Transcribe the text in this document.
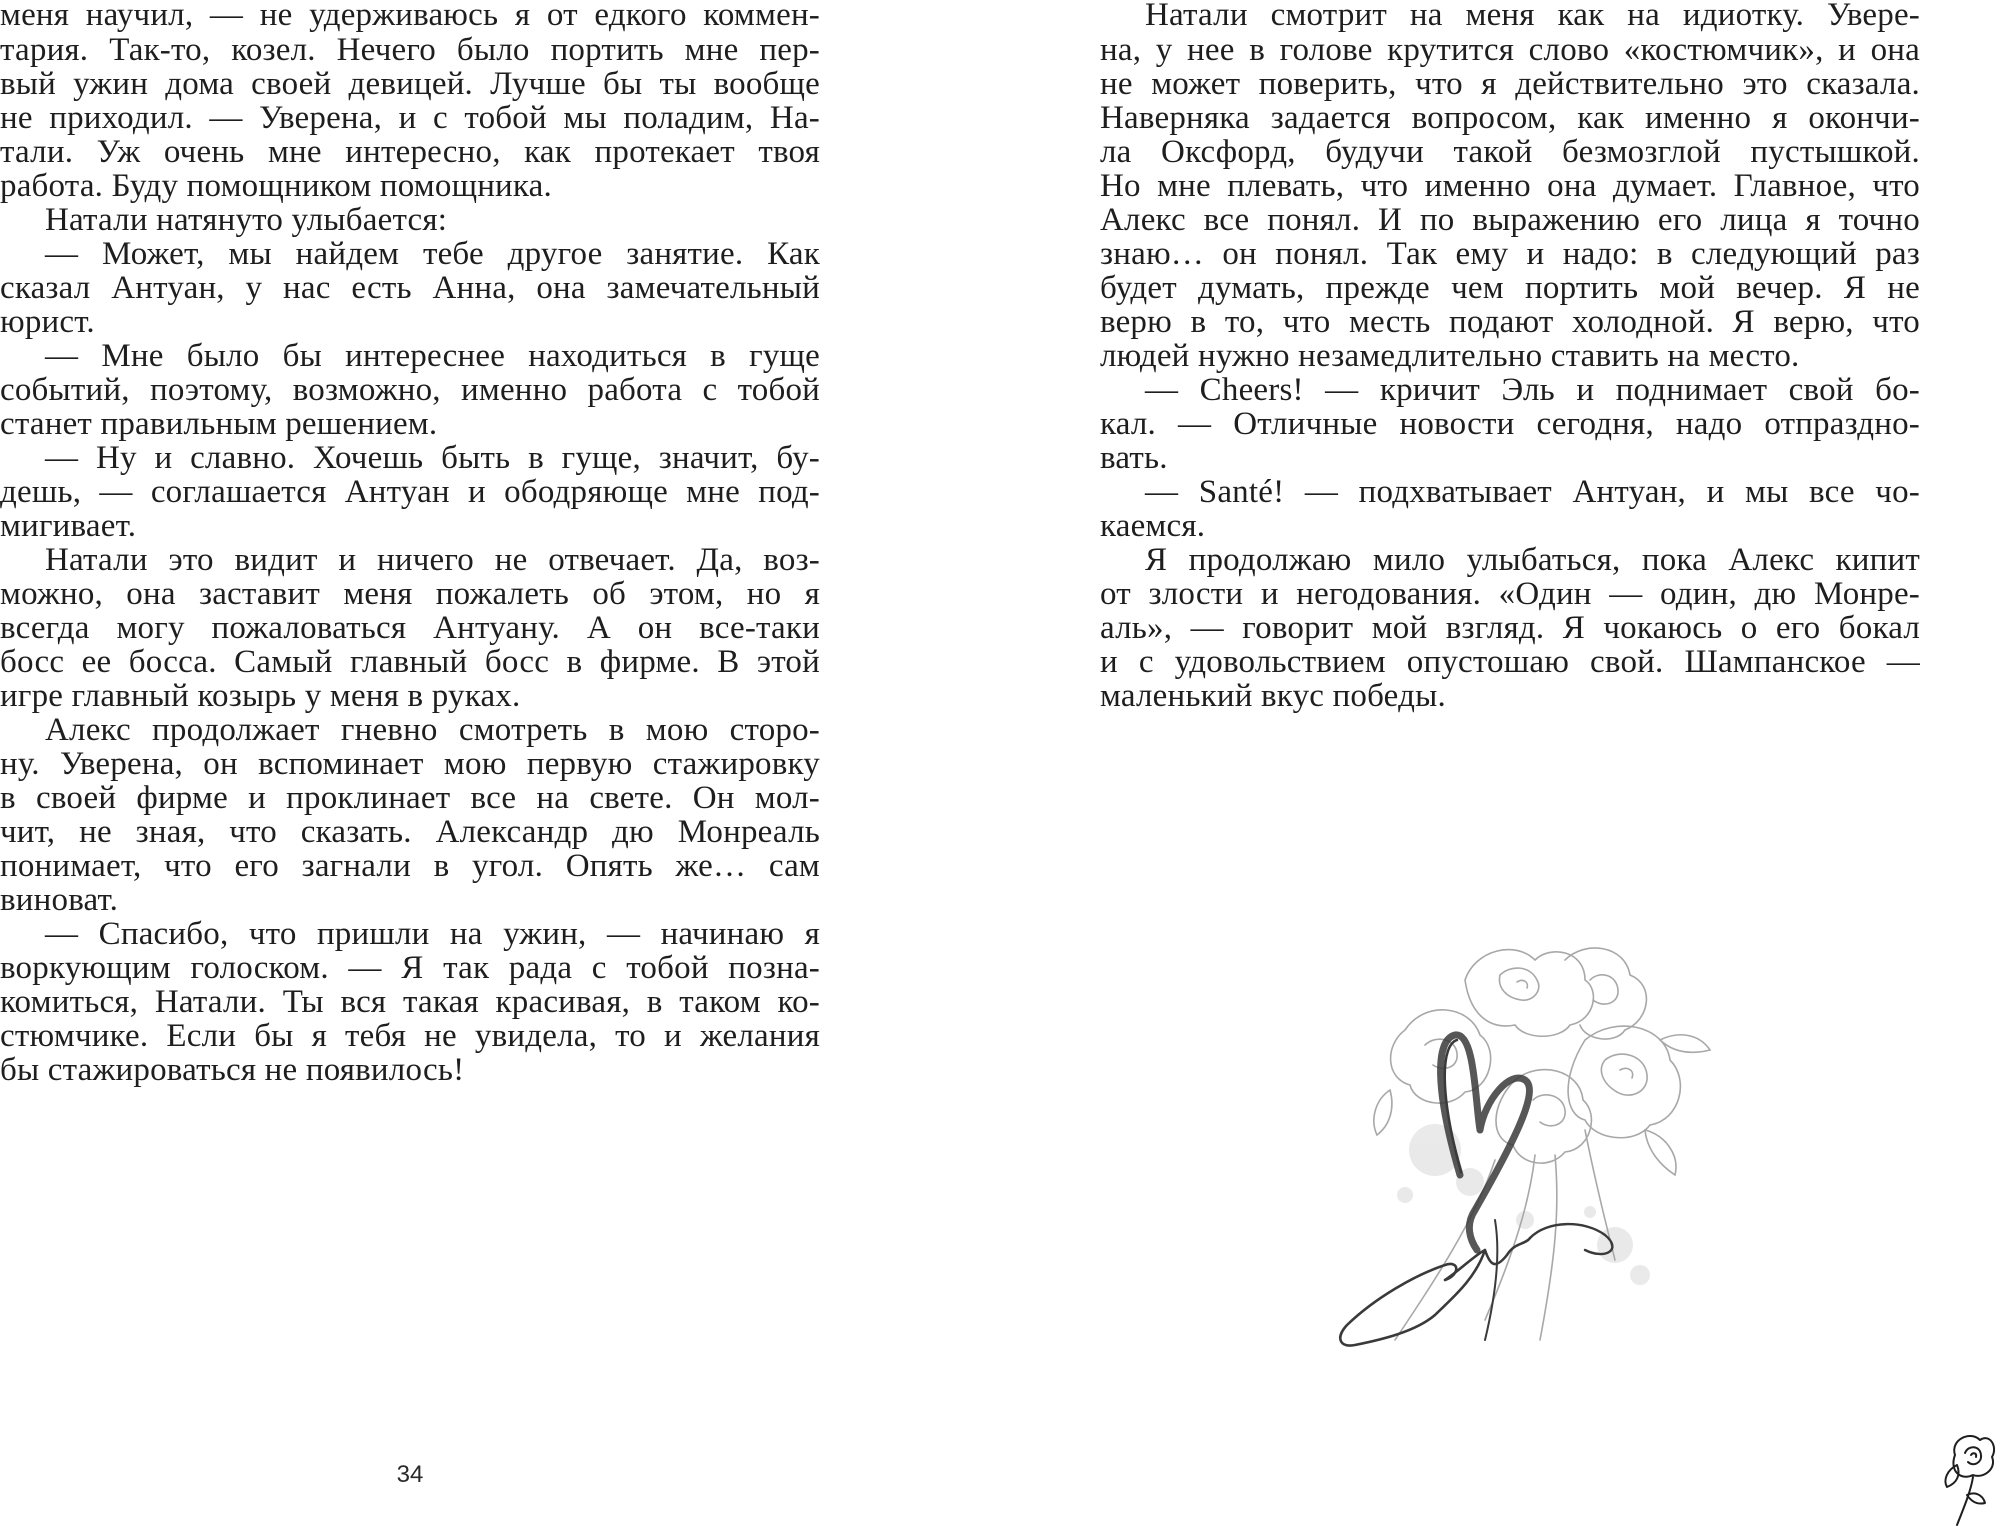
меня научил, — не удерживаюсь я от едкого коммен-
тария. Так-то, козел. Нечего было портить мне пер-
вый ужин дома своей девицей. Лучше бы ты вообще
не приходил. — Уверена, и с тобой мы поладим, На-
тали. Уж очень мне интересно, как протекает твоя
работа. Буду помощником помощника.
Натали натянуто улыбается:
— Может, мы найдем тебе другое занятие. Как
сказал Антуан, у нас есть Анна, она замечательный
юрист.
— Мне было бы интереснее находиться в гуще
событий, поэтому, возможно, именно работа с тобой
станет правильным решением.
— Ну и славно. Хочешь быть в гуще, значит, бу-
дешь, — соглашается Антуан и ободряюще мне под-
мигивает.
Натали это видит и ничего не отвечает. Да, воз-
можно, она заставит меня пожалеть об этом, но я
всегда могу пожаловаться Антуану. А он все-таки
босс ее босса. Самый главный босс в фирме. В этой
игре главный козырь у меня в руках.
Алекс продолжает гневно смотреть в мою сторо-
ну. Уверена, он вспоминает мою первую стажировку
в своей фирме и проклинает все на свете. Он мол-
чит, не зная, что сказать. Александр дю Монреаль
понимает, что его загнали в угол. Опять же… сам
виноват.
— Спасибо, что пришли на ужин, — начинаю я
воркующим голоском. — Я так рада с тобой позна-
комиться, Натали. Ты вся такая красивая, в таком ко-
стюмчике. Если бы я тебя не увидела, то и желания
бы стажироваться не появилось!
34
Натали смотрит на меня как на идиотку. Увере-
на, у нее в голове крутится слово «костюмчик», и она
не может поверить, что я действительно это сказала.
Наверняка задается вопросом, как именно я окончи-
ла Оксфорд, будучи такой безмозглой пустышкой.
Но мне плевать, что именно она думает. Главное, что
Алекс все понял. И по выражению его лица я точно
знаю… он понял. Так ему и надо: в следующий раз
будет думать, прежде чем портить мой вечер. Я не
верю в то, что месть подают холодной. Я верю, что
людей нужно незамедлительно ставить на место.
— Cheers! — кричит Эль и поднимает свой бо-
кал. — Отличные новости сегодня, надо отпраздно-
вать.
— Santé! — подхватывает Антуан, и мы все чо-
каемся.
Я продолжаю мило улыбаться, пока Алекс кипит
от злости и негодования. «Один — один, дю Монре-
аль», — говорит мой взгляд. Я чокаюсь о его бокал
и с удовольствием опустошаю свой. Шампанское —
маленький вкус победы.
